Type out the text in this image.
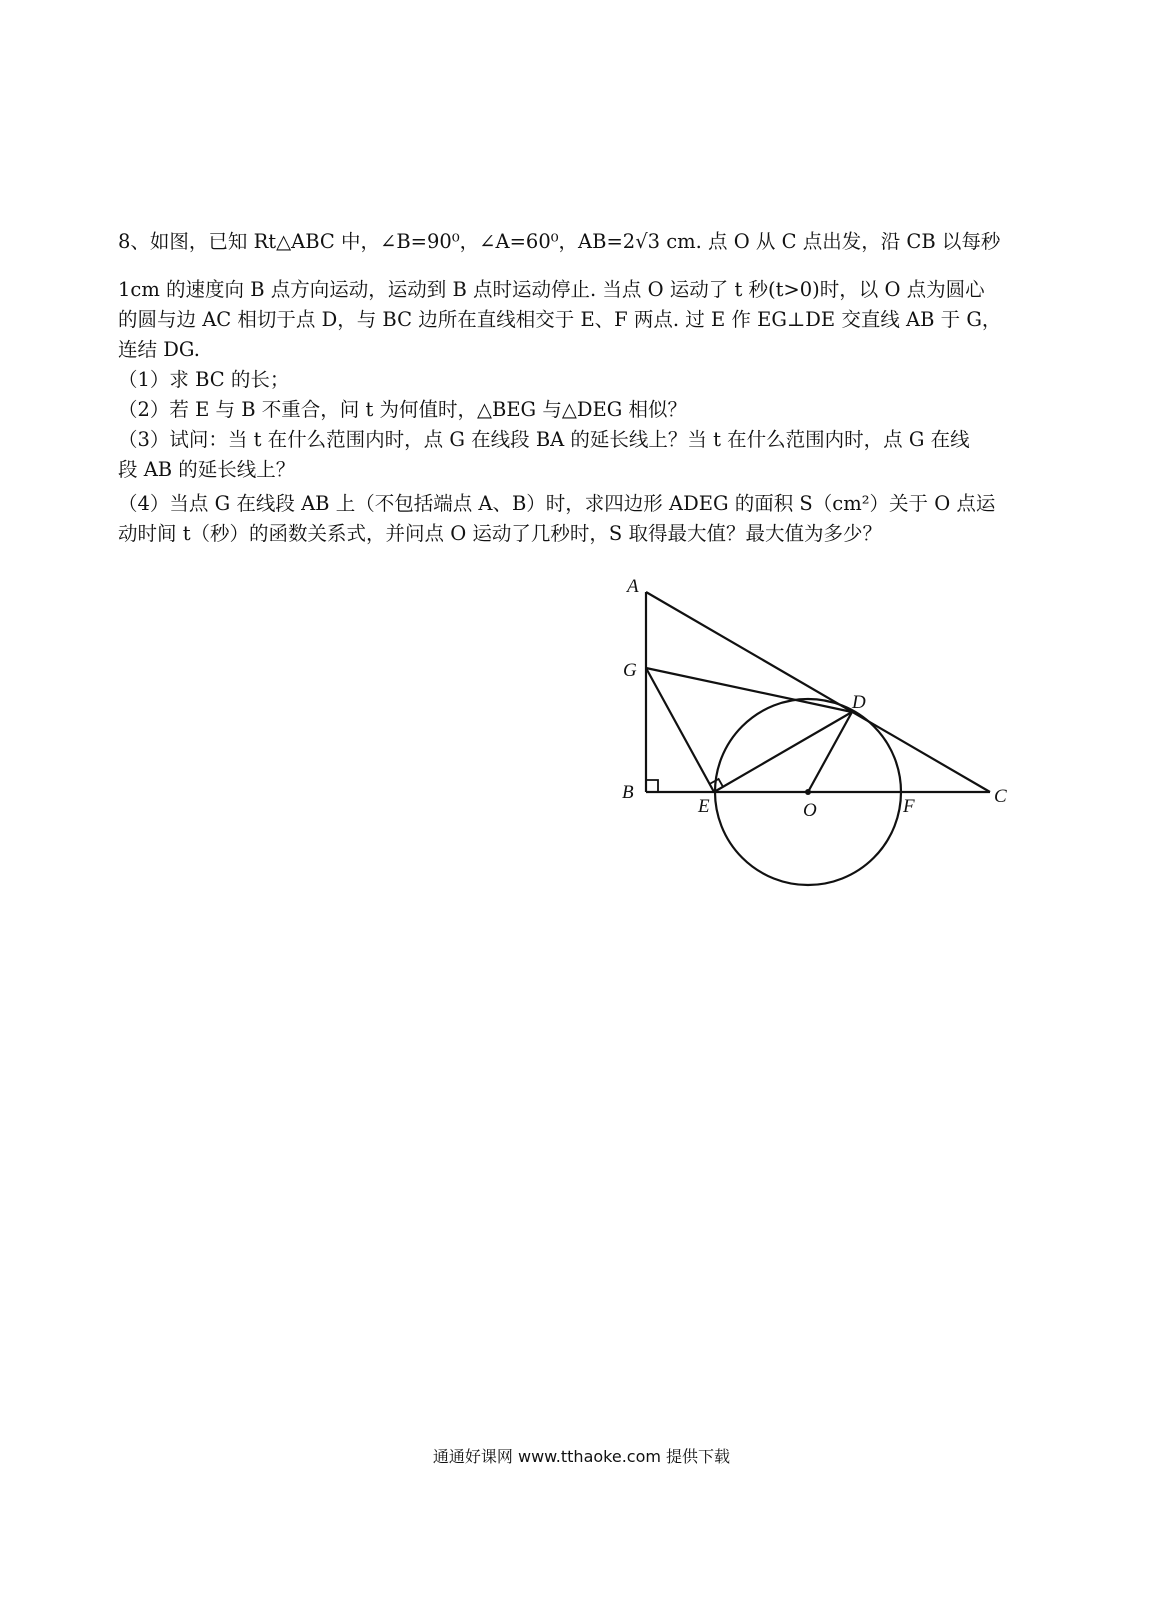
8、如图，已知 Rt△ABC 中，∠B=90⁰，∠A=60⁰，AB=2√3 cm. 点 O 从 C 点出发，沿 CB 以每秒
1cm 的速度向 B 点方向运动，运动到 B 点时运动停止. 当点 O 运动了 t 秒(t>0)时，以 O 点为圆心
的圆与边 AC 相切于点 D，与 BC 边所在直线相交于 E、F 两点. 过 E 作 EG⊥DE 交直线 AB 于 G，
连结 DG.
（1）求 BC 的长；
（2）若 E 与 B 不重合，问 t 为何值时，△BEG 与△DEG 相似？
（3）试问：当 t 在什么范围内时，点 G 在线段 BA 的延长线上？当 t 在什么范围内时，点 G 在线
段 AB 的延长线上？
（4）当点 G 在线段 AB 上（不包括端点 A、B）时，求四边形 ADEG 的面积 S（cm²）关于 O 点运
动时间 t（秒）的函数关系式，并问点 O 运动了几秒时，S 取得最大值？最大值为多少？
A
G
D
B
E	O	F	C
通通好课网 www.tthaoke.com 提供下载
